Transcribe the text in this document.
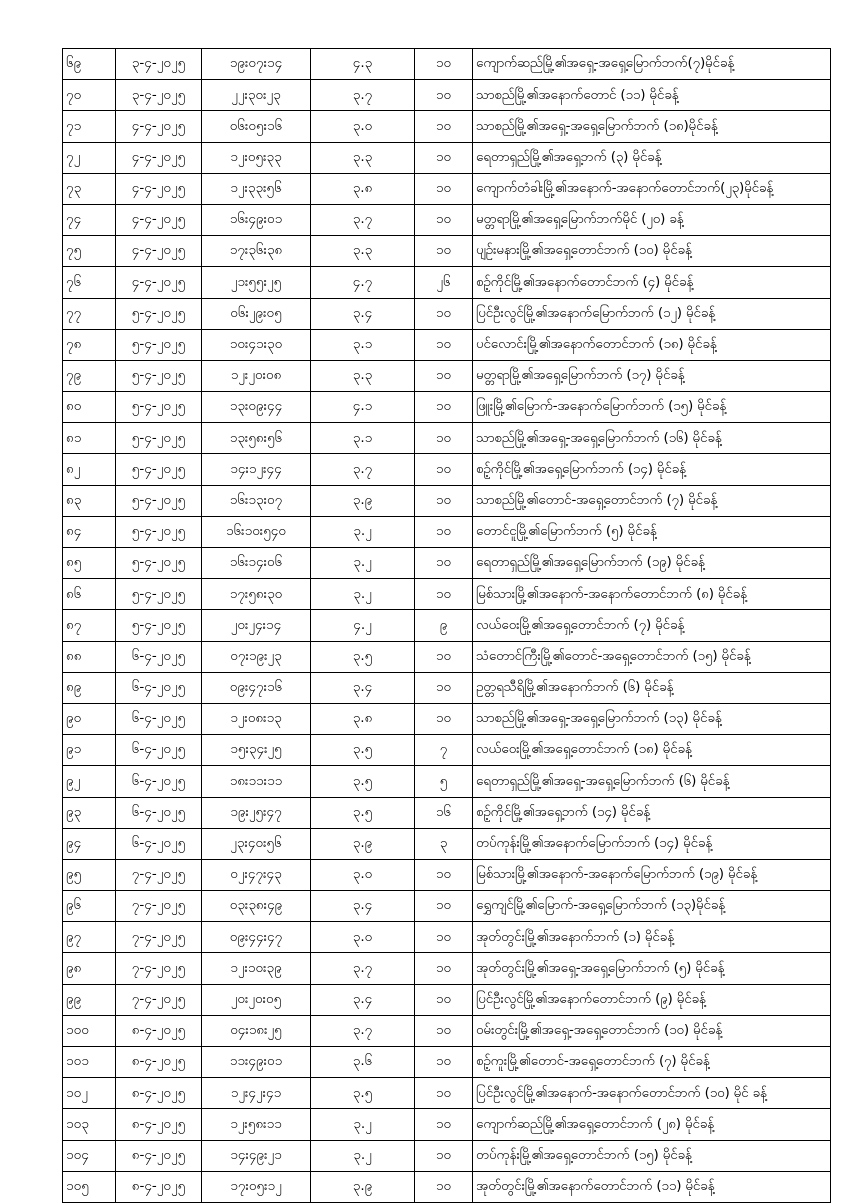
၆၉	၃-၄-၂၀၂၅	၁၉း၀၇း၁၄	၄.၃	၁၀	ကျောက်ဆည်မြို့၏အရှေ့-အရှေ့မြောက်ဘက်(၇)မိုင်ခန့်
၇၀	၃-၄-၂၀၂၅	၂၂း၃၀း၂၃	၃.၇	၁၀	သာစည်မြို့၏အနောက်တောင် (၁၁) မိုင်ခန့်
၇၁	၄-၄-၂၀၂၅	၀၆း၀၅း၁၆	၃.၀	၁၀	သာစည်မြို့၏အရှေ့-အရှေ့မြောက်ဘက် (၁၈)မိုင်ခန့်
၇၂	၄-၄-၂၀၂၅	၁၂း၀၅း၃၃	၃.၃	၁၀	ရေတာရှည်မြို့၏အရှေ့ဘက် (၃) မိုင်ခန့်
၇၃	၄-၄-၂၀၂၅	၁၂း၃၃း၅၆	၃.၈	၁၀	ကျောက်တံခါးမြို့၏အနောက်-အနောက်တောင်ဘက်(၂၃)မိုင်ခန့်
၇၄	၄-၄-၂၀၂၅	၁၆း၄၉း၀၁	၃.၇	၁၀	မတ္တရာမြို့၏အရှေ့မြောက်ဘက်မိုင် (၂၀) ခန့်
၇၅	၄-၄-၂၀၂၅	၁၇း၃၆း၃၈	၃.၃	၁၀	ပျဉ်းမနားမြို့၏အရှေ့တောင်ဘက် (၁၀) မိုင်ခန့်
၇၆	၄-၄-၂၀၂၅	၂၁း၅၅း၂၅	၄.၇	၂၆	စဉ့်ကိုင်မြို့၏အနောက်တောင်ဘက် (၄) မိုင်ခန့်
၇၇	၅-၄-၂၀၂၅	၀၆း၂၉း၀၅	၃.၄	၁၀	ပြင်ဦးလွင်မြို့၏အနောက်မြောက်ဘက် (၁၂) မိုင်ခန့်
၇၈	၅-၄-၂၀၂၅	၁၀း၄၁း၃၀	၃.၁	၁၀	ပင်လောင်းမြို့၏အနောက်တောင်ဘက် (၁၈) မိုင်ခန့်
၇၉	၅-၄-၂၀၂၅	၁၂း၂၀း၀၈	၃.၃	၁၀	မတ္တရာမြို့၏အရှေ့မြောက်ဘက် (၁၇) မိုင်ခန့်
၈၀	၅-၄-၂၀၂၅	၁၃း၀၉း၄၄	၄.၁	၁၀	ဖြူးမြို့၏မြောက်-အနောက်မြောက်ဘက် (၁၅) မိုင်ခန့်
၈၁	၅-၄-၂၀၂၅	၁၃း၅၈း၅၆	၃.၁	၁၀	သာစည်မြို့၏အရှေ့-အရှေ့မြောက်ဘက် (၁၆) မိုင်ခန့်
၈၂	၅-၄-၂၀၂၅	၁၄း၁၂း၄၄	၃.၇	၁၀	စဉ့်ကိုင်မြို့၏အရှေ့မြောက်ဘက် (၁၄) မိုင်ခန့်
၈၃	၅-၄-၂၀၂၅	၁၆း၁၃း၀၇	၃.၉	၁၀	သာစည်မြို့၏တောင်-အရှေ့တောင်ဘက် (၇) မိုင်ခန့်
၈၄	၅-၄-၂၀၂၅	၁၆း၁၀း၅၄၀	၃.၂	၁၀	တောင်ငူမြို့၏မြောက်ဘက် (၅) မိုင်ခန့်
၈၅	၅-၄-၂၀၂၅	၁၆း၁၄း၀၆	၃.၂	၁၀	ရေတာရှည်မြို့၏အရှေ့မြောက်ဘက် (၁၉) မိုင်ခန့်
၈၆	၅-၄-၂၀၂၅	၁၇း၅၈း၃၀	၃.၂	၁၀	မြစ်သားမြို့၏အနောက်-အနောက်တောင်ဘက် (၈) မိုင်ခန့်
၈၇	၅-၄-၂၀၂၅	၂၀း၂၄း၁၄	၄.၂	၉	လယ်ဝေးမြို့၏အရှေ့တောင်ဘက် (၇) မိုင်ခန့်
၈၈	၆-၄-၂၀၂၅	၀၇း၁၉း၂၃	၃.၅	၁၀	သံတောင်ကြီးမြို့၏တောင်-အရှေ့တောင်ဘက် (၁၅) မိုင်ခန့်
၈၉	၆-၄-၂၀၂၅	၀၉း၄၇း၁၆	၃.၄	၁၀	ဥတ္တရသီရိမြို့၏အနောက်ဘက် (၆) မိုင်ခန့်
၉၀	၆-၄-၂၀၂၅	၁၂း၀၈း၁၃	၃.၈	၁၀	သာစည်မြို့၏အရှေ့-အရှေ့မြောက်ဘက် (၁၃) မိုင်ခန့်
၉၁	၆-၄-၂၀၂၅	၁၅း၃၄း၂၅	၃.၅	၇	လယ်ဝေးမြို့၏အရှေ့တောင်ဘက် (၁၈) မိုင်ခန့်
၉၂	၆-၄-၂၀၂၅	၁၈း၁၁း၁၁	၃.၅	၅	ရေတာရှည်မြို့၏အရှေ့-အရှေ့မြောက်ဘက် (၆) မိုင်ခန့်
၉၃	၆-၄-၂၀၂၅	၁၉း၂၅း၄၇	၃.၅	၁၆	စဉ့်ကိုင်မြို့၏အရှေ့ဘက် (၁၄) မိုင်ခန့်
၉၄	၆-၄-၂၀၂၅	၂၃း၄၀း၅၆	၃.၉	၃	တပ်ကုန်းမြို့၏အနောက်မြောက်ဘက် (၁၄) မိုင်ခန့်
၉၅	၇-၄-၂၀၂၅	၀၂း၄၇း၄၃	၃.၀	၁၀	မြစ်သားမြို့၏အနောက်-အနောက်မြောက်ဘက် (၁၉) မိုင်ခန့်
၉၆	၇-၄-၂၀၂၅	၀၃း၃၈း၄၉	၃.၄	၁၀	ရွှေကျင်မြို့၏မြောက်-အရှေ့မြောက်ဘက် (၁၃)မိုင်ခန့်
၉၇	၇-၄-၂၀၂၅	၀၉း၄၄း၄၇	၃.၀	၁၀	အုတ်တွင်းမြို့၏အနောက်ဘက် (၁) မိုင်ခန့်
၉၈	၇-၄-၂၀၂၅	၁၂း၁၀း၃၉	၃.၇	၁၀	အုတ်တွင်းမြို့၏အရှေ့-အရှေ့မြောက်ဘက် (၅) မိုင်ခန့်
၉၉	၇-၄-၂၀၂၅	၂၀း၂၀း၀၅	၃.၄	၁၀	ပြင်ဦးလွင်မြို့၏အနောက်တောင်ဘက် (၉) မိုင်ခန့်
၁၀၀	၈-၄-၂၀၂၅	၀၄း၁၈း၂၅	၃.၇	၁၀	ဝမ်းတွင်းမြို့၏အရှေ့-အရှေ့တောင်ဘက် (၁၀) မိုင်ခန့်
၁၀၁	၈-၄-၂၀၂၅	၁၁း၄၉း၀၁	၃.၆	၁၀	စဉ့်ကူးမြို့၏တောင်-အရှေ့တောင်ဘက် (၇) မိုင်ခန့်
၁၀၂	၈-၄-၂၀၂၅	၁၂း၄၂း၄၁	၃.၅	၁၀	ပြင်ဦးလွင်မြို့၏အနောက်-အနောက်တောင်ဘက် (၁၀) မိုင် ခန့်
၁၀၃	၈-၄-၂၀၂၅	၁၂း၅၈း၁၁	၃.၂	၁၀	ကျောက်ဆည်မြို့၏အရှေ့တောင်ဘက် (၂၈) မိုင်ခန့်
၁၀၄	၈-၄-၂၀၂၅	၁၄း၄၉း၂၁	၃.၂	၁၀	တပ်ကုန်းမြို့၏အရှေ့တောင်ဘက် (၁၅) မိုင်ခန့်
၁၀၅	၈-၄-၂၀၂၅	၁၇း၀၅း၁၂	၃.၉	၁၀	အုတ်တွင်းမြို့၏အနောက်တောင်ဘက် (၁၁) မိုင်ခန့်
